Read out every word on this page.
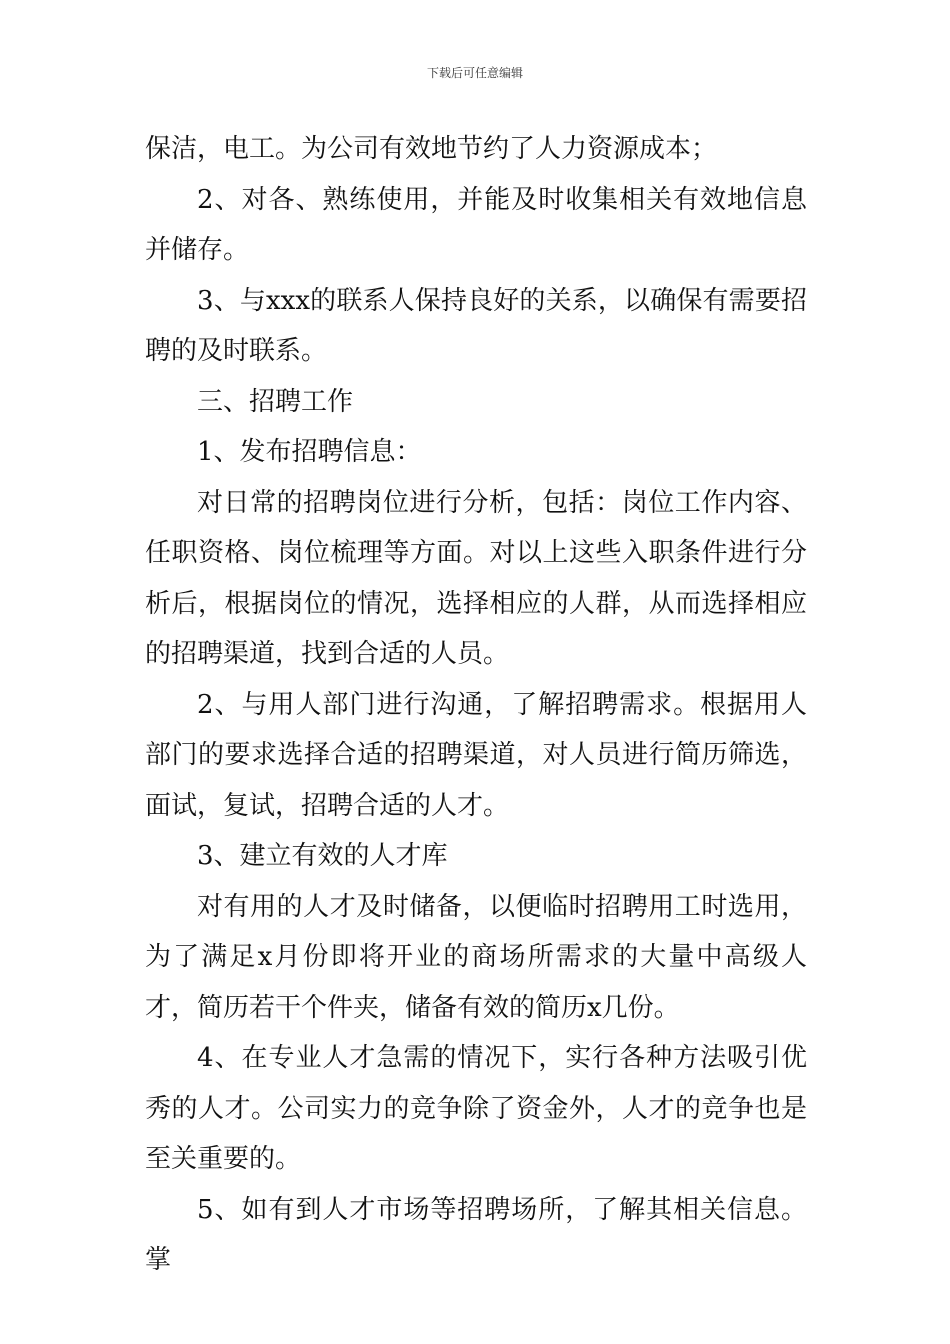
下载后可任意编辑

保洁，电工。为公司有效地节约了人力资源成本；

2、对各、熟练使用，并能及时收集相关有效地信息并储存。

3、与xxx的联系人保持良好的关系，以确保有需要招聘的及时联系。

三、招聘工作

1、发布招聘信息：

对日常的招聘岗位进行分析，包括：岗位工作内容、任职资格、岗位梳理等方面。对以上这些入职条件进行分析后，根据岗位的情况，选择相应的人群，从而选择相应的招聘渠道，找到合适的人员。

2、与用人部门进行沟通，了解招聘需求。根据用人部门的要求选择合适的招聘渠道，对人员进行简历筛选，面试，复试，招聘合适的人才。

3、建立有效的人才库

对有用的人才及时储备，以便临时招聘用工时选用，为了满足x月份即将开业的商场所需求的大量中高级人才，简历若干个件夹，储备有效的简历x几份。

4、在专业人才急需的情况下，实行各种方法吸引优秀的人才。公司实力的竞争除了资金外，人才的竞争也是至关重要的。

5、如有到人才市场等招聘场所，了解其相关信息。掌
